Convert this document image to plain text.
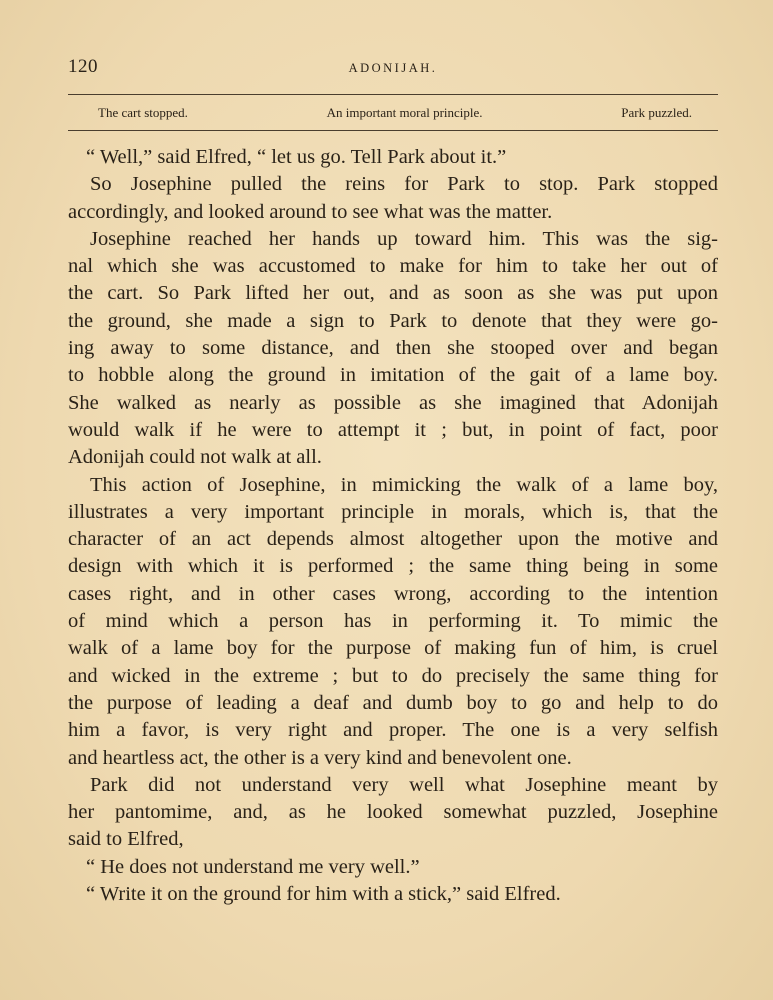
120	ADONIJAH.
The cart stopped.	An important moral principle.	Park puzzled.

“ Well,” said Elfred, “ let us go. Tell Park about it.”

So Josephine pulled the reins for Park to stop. Park stopped
accordingly, and looked around to see what was the matter.

Josephine reached her hands up toward him. This was the sig-
nal which she was accustomed to make for him to take her out of
the cart. So Park lifted her out, and as soon as she was put upon
the ground, she made a sign to Park to denote that they were go-
ing away to some distance, and then she stooped over and began
to hobble along the ground in imitation of the gait of a lame boy.
She walked as nearly as possible as she imagined that Adonijah
would walk if he were to attempt it ; but, in point of fact, poor
Adonijah could not walk at all.

This action of Josephine, in mimicking the walk of a lame boy,
illustrates a very important principle in morals, which is, that the
character of an act depends almost altogether upon the motive and
design with which it is performed ; the same thing being in some
cases right, and in other cases wrong, according to the intention
of mind which a person has in performing it. To mimic the
walk of a lame boy for the purpose of making fun of him, is cruel
and wicked in the extreme ; but to do precisely the same thing for
the purpose of leading a deaf and dumb boy to go and help to do
him a favor, is very right and proper. The one is a very selfish
and heartless act, the other is a very kind and benevolent one.

Park did not understand very well what Josephine meant by
her pantomime, and, as he looked somewhat puzzled, Josephine
said to Elfred,

“ He does not understand me very well.”

“ Write it on the ground for him with a stick,” said Elfred.
